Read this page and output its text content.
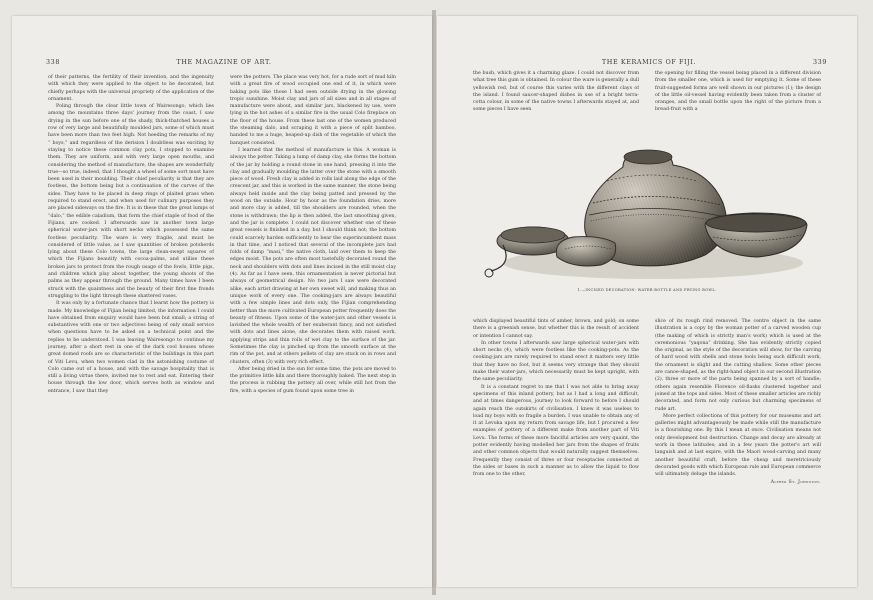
338	THE MAGAZINE OF ART.

of their patterns, the fertility of their invention, and the ingenuity with which they were applied to the object to be decorated, but chiefly perhaps with the universal propriety of the application of the ornament.

Poling through the clear little town of Wairesongo, which lies among the mountains three days' journey from the coast, I saw drying in the sun before one of the shady, thick-thatched houses a row of very large and beautifully moulded jars, some of which must have been more than two feet high. Not heeding the remarks of my “ boys,” and regardless of the derision I doubtless was exciting by staying to notice these common clay pots, I stopped to examine them. They are uniform, and with very large open mouths, and considering the method of manufacture, the shapes are wonderfully true—so true, indeed, that I thought a wheel of some sort must have been used in their moulding. Their chief peculiarity is that they are footless, the bottom being but a continuation of the curves of the sides. They have to be placed in deep rings of plaited grass when required to stand erect, and when used for culinary purposes they are placed sideways on the fire. It is in these that the great lumps of “dalo,” the edible caladium, that form the chief staple of food of the Fijians, are cooked. I afterwards saw in another town large spherical water-jars with short necks which possessed the same footless peculiarity. The ware is very fragile, and must be considered of little value, as I saw quantities of broken potsherds lying about these Colo towns, the large clean-swept squares of which the Fijians beautify with cocoa-palms, and utilise these broken jars to protect from the rough usage of the fowls, little pigs, and children which play about together, the young shoots of the palms as they appear through the ground. Many times have I been struck with the quaintness and the beauty of their first fine fronds struggling to the light through these shattered vases.

It was only by a fortunate chance that I learnt how the pottery is made. My knowledge of Fijian being limited, the information I could have obtained from enquiry would have been but small; a string of substantives with one or two adjectives being of only small service when questions have to be asked on a technical point and the replies to be understood. I was leaving Wairesongo to continue my journey, after a short rest in one of the dark cool houses whose great domed roofs are so characteristic of the buildings in this part of Viti Levu, when two women clad in the astonishing costume of Colo came out of a house, and with the savage hospitality that is still a living virtue there, invited me to rest and eat. Entering their house through the low door, which serves both as window and entrance, I saw that they

were the potters. The place was very hot, for a rude sort of mud kiln with a great fire of wood occupied one end of it, in which were baking pots like those I had seen outside drying in the glowing tropic sunshine. Moist clay and jars of all sizes and in all stages of manufacture were about, and similar jars, blackened by use, were lying in the hot ashes of a similar fire in the usual Colo fireplace on the floor of the house. From these last one of the women produced the steaming dalo, and scraping it with a piece of split bamboo, handed to me a huge, heaped-up dish of the vegetable of which the banquet consisted.

I learned that the method of manufacture is this. A woman is always the potter. Taking a lump of damp clay, she forms the bottom of the jar by holding a round stone in one hand, pressing it into the clay and gradually moulding the latter over the stone with a smooth piece of wood. Fresh clay is added in rolls laid along the edge of the crescent jar, and this is worked in the same manner, the stone being always held inside and the clay being patted and pressed by the wood on the outside. Hour by hour as the foundation dries, more and more clay is added, till the shoulders are rounded, when the stone is withdrawn; the lip is then added, the last smoothing given, and the jar is complete. I could not discover whether one of these great vessels is finished in a day, but I should think not; the bottom could scarcely harden sufficiently to bear the superincumbent mass in that time, and I noticed that several of the incomplete jars had folds of damp “masi,” the native cloth, laid over them to keep the edges moist. The pots are often most tastefully decorated round the neck and shoulders with dots and lines incised in the still moist clay (4). As far as I have seen, this ornamentation is never pictorial but always of geometrical design. No two jars I saw were decorated alike, each artist drawing at her own sweet will, and making thus an unique work of every one. The cooking-jars are always beautiful with a few simple lines and dots only, the Fijian comprehending better than the more cultivated European potter frequently does the beauty of fitness. Upon some of the water-jars and other vessels is lavished the whole wealth of her exuberant fancy, and not satisfied with dots and lines alone, she decorates them with raised work, applying strips and thin rolls of wet clay to the surface of the jar. Sometimes the clay is pinched up from the smooth surface at the rim of the pot, and at others pellets of clay are stuck on in rows and clusters, often (3) with very rich effect.

After being dried in the sun for some time, the pots are moved to the primitive little kiln and there thoroughly baked. The next step in the process is rubbing the pottery all over, while still hot from the fire, with a species of gum found upon some tree in

THE KERAMICS OF FIJI.	339

the bush, which gives it a charming glaze. I could not discover from what tree this gum is obtained. In colour the ware is generally a dull yellowish red, but of course this varies with the different clays of the island. I found saucer-shaped dishes in use of a bright terra-cotta colour, in some of the native towns I afterwards stayed at, and some pieces I have seen

the opening for filling the vessel being placed in a different division from the smaller one, which is used for emptying it. Some of these fruit-suggested forms are well shown in our pictures (1); the design of the little oil-vessel having evidently been taken from a cluster of oranges, and the small bottle upon the right of the picture from a bread-fruit with a

1.—INCISED DECORATION: WATER-BOTTLE AND FRYING BOWL.

which displayed beautiful tints of amber, brown, and gold; on some there is a greenish sense, but whether this is the result of accident or intention I cannot say.

In other towns I afterwards saw large spherical water-jars with short necks (4), which were footless like the cooking-pots. As the cooking-jars are rarely required to stand erect it matters very little that they have no foot, but it seems very strange that they should make their water-jars, which necessarily must be kept upright, with the same peculiarity.

It is a constant regret to me that I was not able to bring away specimens of this inland pottery, but as I had a long and difficult, and at times dangerous, journey to look forward to before I should again reach the outskirts of civilisation, I knew it was useless to load my boys with so fragile a burden. I was unable to obtain any of it at Levuka upon my return from savage life, but I procured a few examples of pottery of a different make from another part of Viti Levu. The forms of these more fanciful articles are very quaint, the potter evidently having modelled her jars from the shapes of fruits and other common objects that would naturally suggest themselves. Frequently they consist of three or four receptacles connected at the sides or bases in such a manner as to allow the liquid to flow from one to the other,

slice of its rough rind removed. The centre object in the same illustration is a copy by the woman potter of a carved wooden cup (the making of which is strictly man's work) which is used at the ceremonious “yaqona” drinking. She has evidently strictly copied the original, as the style of the decoration will show, for the carving of hard wood with shells and stone tools being such difficult work, the ornament is slight and the cutting shallow. Some other pieces are canoe-shaped, as the right-hand object in our second illustration (2), three or more of the parts being spanned by a sort of handle; others again resemble Florence oil-flasks clustered together and joined at the tops and sides. Most of these smaller articles are richly decorated, and form not only curious but charming specimens of rude art.

More perfect collections of this pottery for our museums and art galleries might advantageously be made while still the manufacture is a flourishing one. By this I mean at once. Civilisation means not only development but destruction. Change and decay are already at work in these latitudes; and in a few years the potter's art will languish and at last expire, with the Maori wood-carving and many another beautiful craft, before the cheap and meretriciously decorated goods with which European rule and European commerce will ultimately deluge the islands.

Alfred St. Johnston.
